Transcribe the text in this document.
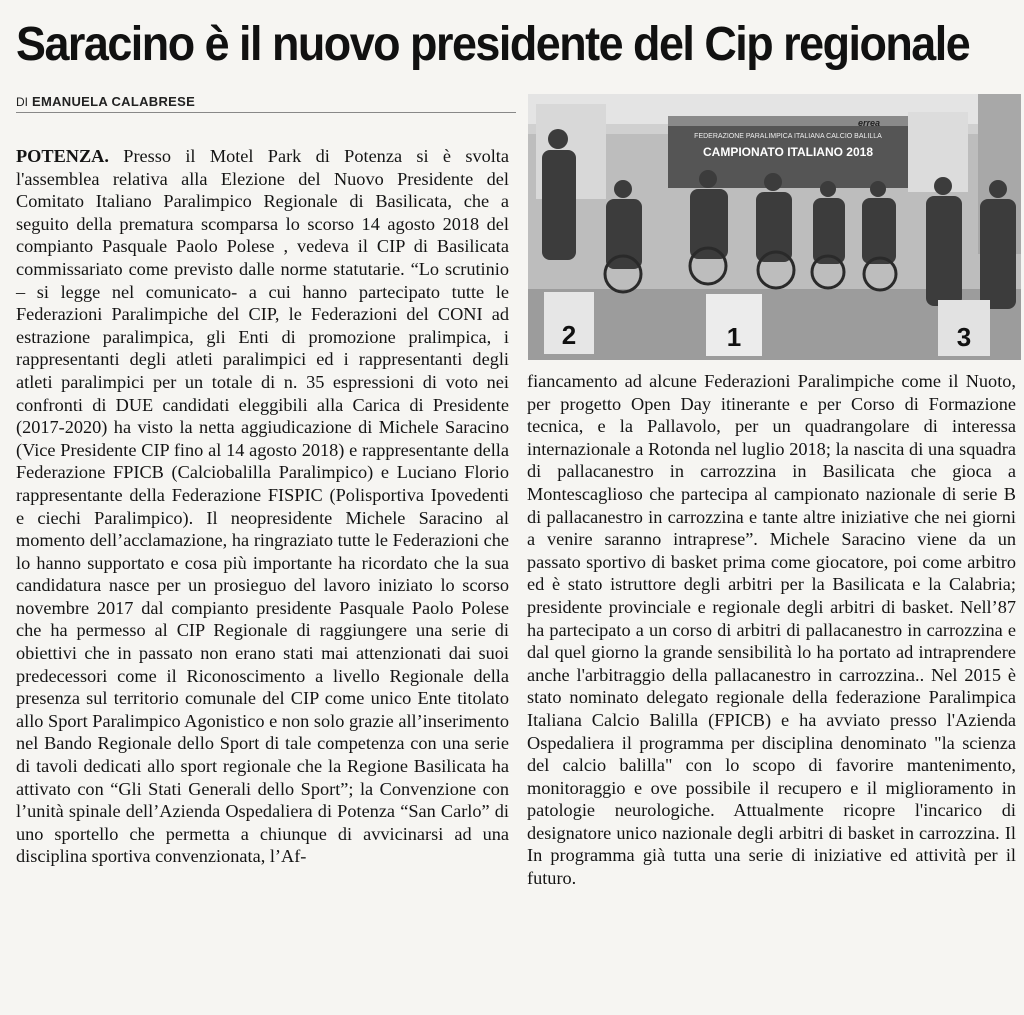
Saracino è il nuovo presidente del Cip regionale
DI EMANUELA CALABRESE

POTENZA. Presso il Motel Park di Potenza si è svolta l'assemblea relativa alla Elezione del Nuovo Presidente del Comitato Italiano Paralimpico Regionale di Basilicata, che a seguito della prematura scomparsa lo scorso 14 agosto 2018 del compianto Pasquale Paolo Polese , vedeva il CIP di Basilicata commissariato come previsto dalle norme statutarie. “Lo scrutinio – si legge nel comunicato- a cui hanno partecipato tutte le Federazioni Paralimpiche del CIP, le Federazioni del CONI ad estrazione paralimpica, gli Enti di promozione pralimpica, i rappresentanti degli atleti paralimpici ed i rappresentanti degli atleti paralimpici per un totale di n. 35 espressioni di voto nei confronti di DUE candidati eleggibili alla Carica di Presidente (2017-2020) ha visto la netta aggiudicazione di Michele Saracino (Vice Presidente CIP fino al 14 agosto 2018) e rappresentante della Federazione FPICB (Calciobalilla Paralimpico) e Luciano Florio rappresentante della Federazione FISPIC (Polisportiva Ipovedenti e ciechi Paralimpico). Il neopresidente Michele Saracino al momento dell’acclamazione, ha ringraziato tutte le Federazioni che lo hanno supportato e cosa più importante ha ricordato che la sua candidatura nasce per un prosieguo del lavoro iniziato lo scorso novembre 2017 dal compianto presidente Pasquale Paolo Polese che ha permesso al CIP Regionale di raggiungere una serie di obiettivi che in passato non erano stati mai attenzionati dai suoi predecessori come il Riconoscimento a livello Regionale della presenza sul territorio comunale del CIP come unico Ente titolato allo Sport Paralimpico Agonistico e non solo grazie all’inserimento nel Bando Regionale dello Sport di tale competenza con una serie di tavoli dedicati allo sport regionale che la Regione Basilicata ha attivato con “Gli Stati Generali dello Sport”; la Convenzione con l’unità spinale dell’Azienda Ospedaliera di Potenza “San Carlo” di uno sportello che permetta a chiunque di avvicinarsi ad una disciplina sportiva convenzionata, l’Af-

FEDERAZIONE PARALIMPICA ITALIANA CALCIO BALILLA
CAMPIONATO ITALIANO 2018
errea
2	1	3

fiancamento ad alcune Federazioni Paralimpiche come il Nuoto, per progetto Open Day itinerante e per Corso di Formazione tecnica, e la Pallavolo, per un quadrangolare di interessa internazionale a Rotonda nel luglio 2018; la nascita di una squadra di pallacanestro in carrozzina in Basilicata che gioca a Montescaglioso che partecipa al campionato nazionale di serie B di pallacanestro in carrozzina e tante altre iniziative che nei giorni a venire saranno intraprese”. Michele Saracino viene da un passato sportivo di basket prima come giocatore, poi come arbitro ed è stato istruttore degli arbitri per la Basilicata e la Calabria; presidente provinciale e regionale degli arbitri di basket. Nell’87 ha partecipato a un corso di arbitri di pallacanestro in carrozzina e dal quel giorno la grande sensibilità lo ha portato ad intraprendere anche l'arbitraggio della pallacanestro in carrozzina.. Nel 2015 è stato nominato delegato regionale della federazione Paralimpica Italiana Calcio Balilla (FPICB) e ha avviato presso l'Azienda Ospedaliera il programma per disciplina denominato "la scienza del calcio balilla" con lo scopo di favorire mantenimento, monitoraggio e ove possibile il recupero e il miglioramento in patologie neurologiche. Attualmente ricopre l'incarico di designatore unico nazionale degli arbitri di basket in carrozzina. Il In programma già tutta una serie di iniziative ed attività per il futuro.
